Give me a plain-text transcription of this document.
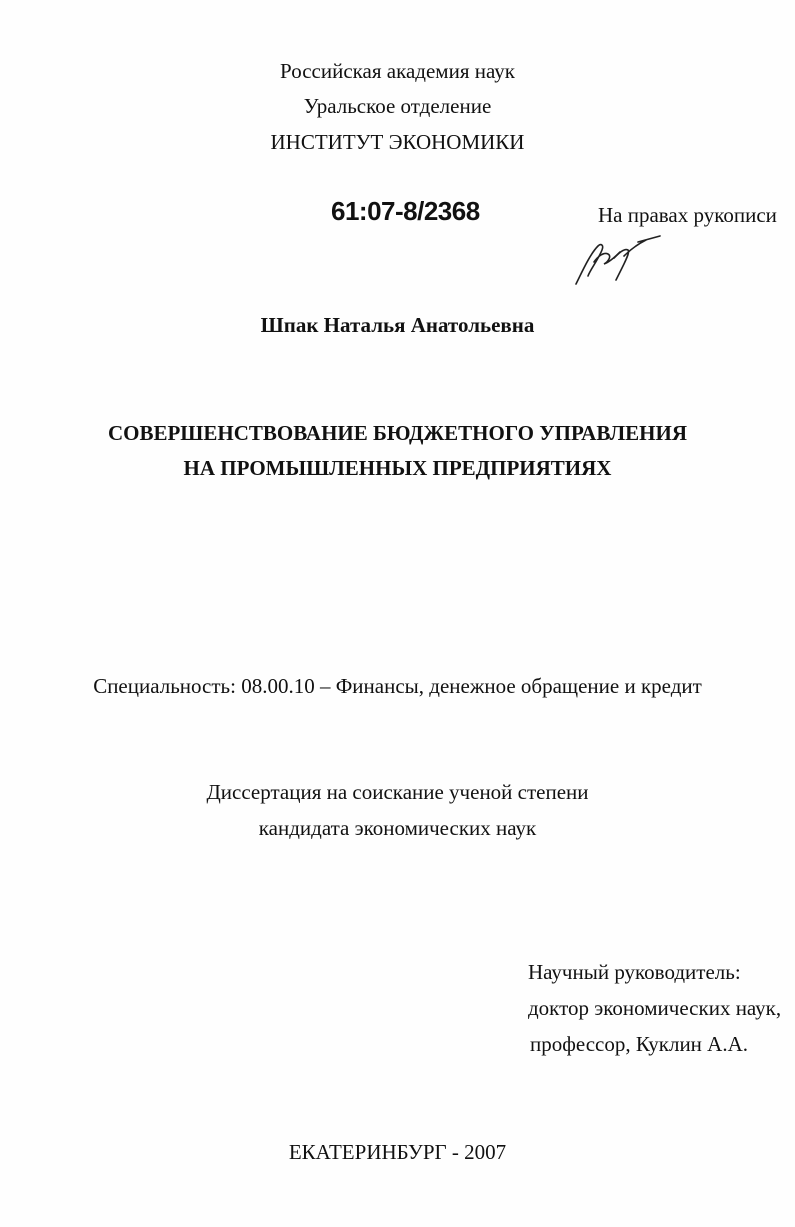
Российская академия наук
Уральское отделение
ИНСТИТУТ ЭКОНОМИКИ
61:07-8/2368	На правах рукописи
Шпак Наталья Анатольевна
СОВЕРШЕНСТВОВАНИЕ БЮДЖЕТНОГО УПРАВЛЕНИЯ
НА ПРОМЫШЛЕННЫХ ПРЕДПРИЯТИЯХ
Специальность: 08.00.10 – Финансы, денежное обращение и кредит
Диссертация на соискание ученой степени
кандидата экономических наук
Научный руководитель:
доктор экономических наук,
профессор, Куклин А.А.
ЕКАТЕРИНБУРГ - 2007
